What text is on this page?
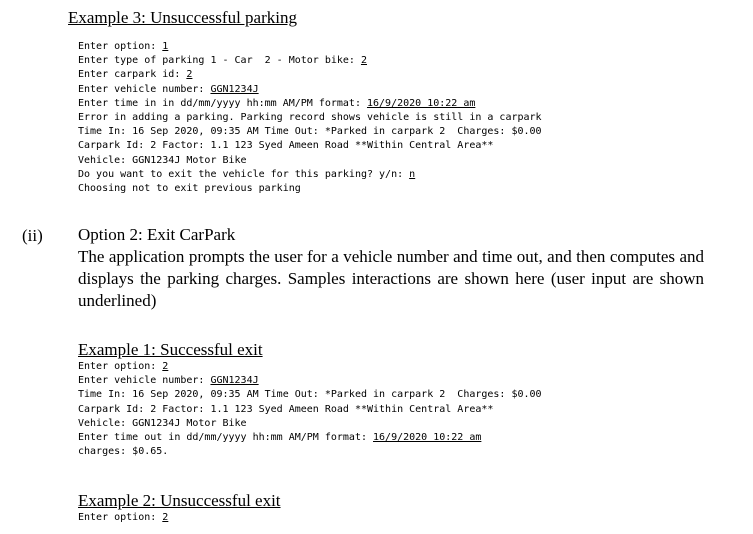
Example 3: Unsuccessful parking
Enter option: 1
Enter type of parking 1 - Car  2 - Motor bike: 2
Enter carpark id: 2
Enter vehicle number: GGN1234J
Enter time in in dd/mm/yyyy hh:mm AM/PM format: 16/9/2020 10:22 am
Error in adding a parking. Parking record shows vehicle is still in a carpark
Time In: 16 Sep 2020, 09:35 AM Time Out: *Parked in carpark 2  Charges: $0.00
Carpark Id: 2 Factor: 1.1 123 Syed Ameen Road **Within Central Area**
Vehicle: GGN1234J Motor Bike
Do you want to exit the vehicle for this parking? y/n: n
Choosing not to exit previous parking
(ii) Option 2: Exit CarPark
The application prompts the user for a vehicle number and time out, and then computes and displays the parking charges. Samples interactions are shown here (user input are shown underlined)
Example 1: Successful exit
Enter option: 2
Enter vehicle number: GGN1234J
Time In: 16 Sep 2020, 09:35 AM Time Out: *Parked in carpark 2  Charges: $0.00
Carpark Id: 2 Factor: 1.1 123 Syed Ameen Road **Within Central Area**
Vehicle: GGN1234J Motor Bike
Enter time out in dd/mm/yyyy hh:mm AM/PM format: 16/9/2020 10:22 am
charges: $0.65.
Example 2: Unsuccessful exit
Enter option: 2
